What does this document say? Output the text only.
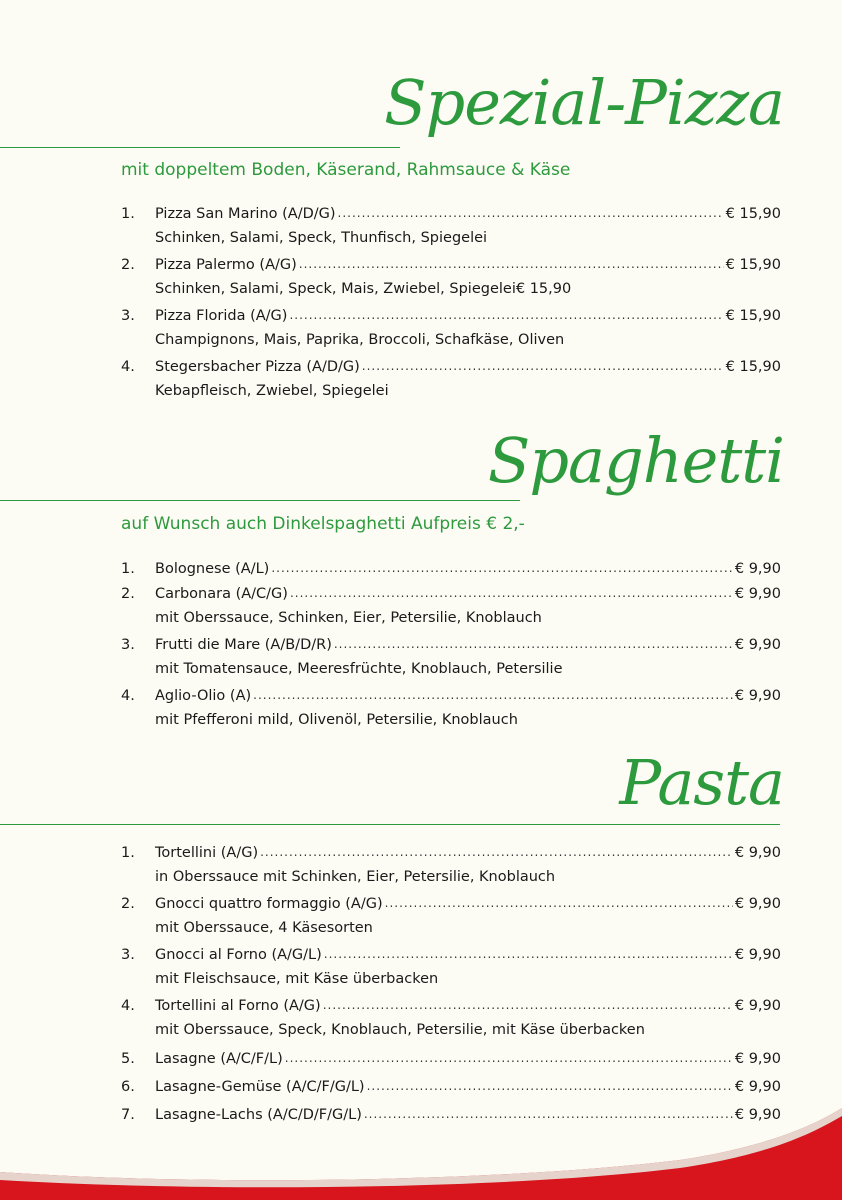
Spezial-Pizza
mit doppeltem Boden, Käserand, Rahmsauce & Käse
1.	Pizza San Marino (A/D/G) .....	€ 15,90
Schinken, Salami, Speck, Thunfisch, Spiegelei
2.	Pizza Palermo (A/G) .....	€ 15,90
Schinken, Salami, Speck, Mais, Zwiebel, Spiegelei€ 15,90
3.	Pizza Florida (A/G) .....	€ 15,90
Champignons, Mais, Paprika, Broccoli, Schafkäse, Oliven
4.	Stegersbacher Pizza (A/D/G) .....	€ 15,90
Kebapfleisch, Zwiebel, Spiegelei
Spaghetti
auf Wunsch auch Dinkelspaghetti Aufpreis € 2,-
1.	Bolognese (A/L) .....	€ 9,90
2.	Carbonara (A/C/G) .....	€ 9,90
mit Oberssauce, Schinken, Eier, Petersilie, Knoblauch
3.	Frutti die Mare (A/B/D/R) .....	€ 9,90
mit Tomatensauce, Meeresfrüchte, Knoblauch, Petersilie
4.	Aglio-Olio (A) .....	€ 9,90
mit Pfefferoni mild, Olivenöl, Petersilie, Knoblauch
Pasta
1.	Tortellini (A/G) .....	€ 9,90
in Oberssauce mit Schinken, Eier, Petersilie, Knoblauch
2.	Gnocci quattro formaggio (A/G) .....	€ 9,90
mit Oberssauce, 4 Käsesorten
3.	Gnocci al Forno (A/G/L) .....	€ 9,90
mit Fleischsauce, mit Käse überbacken
4.	Tortellini al Forno (A/G) .....	€ 9,90
mit Oberssauce, Speck, Knoblauch, Petersilie, mit Käse überbacken
5.	Lasagne (A/C/F/L) .....	€ 9,90
6.	Lasagne-Gemüse (A/C/F/G/L) .....	€ 9,90
7.	Lasagne-Lachs (A/C/D/F/G/L) .....	€ 9,90
